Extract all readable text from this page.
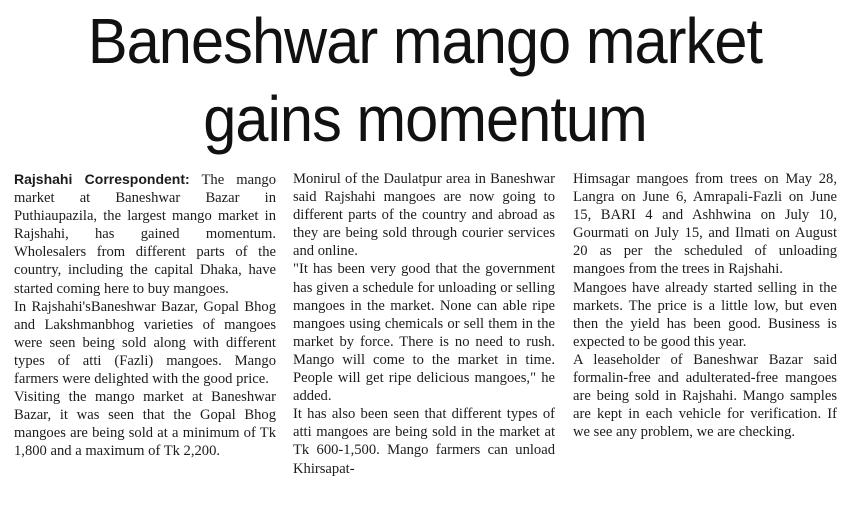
Baneshwar mango market
gains momentum

Rajshahi Correspondent: The mango market at Baneshwar Bazar in Puthiaupazila, the largest mango market in Rajshahi, has gained momentum. Wholesalers from different parts of the country, including the capital Dhaka, have started coming here to buy mangoes.

In Rajshahi'sBaneshwar Bazar, Gopal Bhog and Lakshmanbhog varieties of mangoes were seen being sold along with different types of atti (Fazli) mangoes. Mango farmers were delighted with the good price.

Visiting the mango market at Baneshwar Bazar, it was seen that the Gopal Bhog mangoes are being sold at a minimum of Tk 1,800 and a maximum of Tk 2,200.

Monirul of the Daulatpur area in Baneshwar said Rajshahi mangoes are now going to different parts of the country and abroad as they are being sold through courier services and online.

"It has been very good that the government has given a schedule for unloading or selling mangoes in the market. None can able ripe mangoes using chemicals or sell them in the market by force. There is no need to rush. Mango will come to the market in time. People will get ripe delicious mangoes," he added.

It has also been seen that different types of atti mangoes are being sold in the market at Tk 600-1,500. Mango farmers can unload Khirsapat-

Himsagar mangoes from trees on May 28, Langra on June 6, Amrapali-Fazli on June 15, BARI 4 and Ashhwina on July 10, Gourmati on July 15, and Ilmati on August 20 as per the scheduled of unloading mangoes from the trees in Rajshahi.

Mangoes have already started selling in the markets. The price is a little low, but even then the yield has been good. Business is expected to be good this year.

A leaseholder of Baneshwar Bazar said formalin-free and adulterated-free mangoes are being sold in Rajshahi. Mango samples are kept in each vehicle for verification. If we see any problem, we are checking.
